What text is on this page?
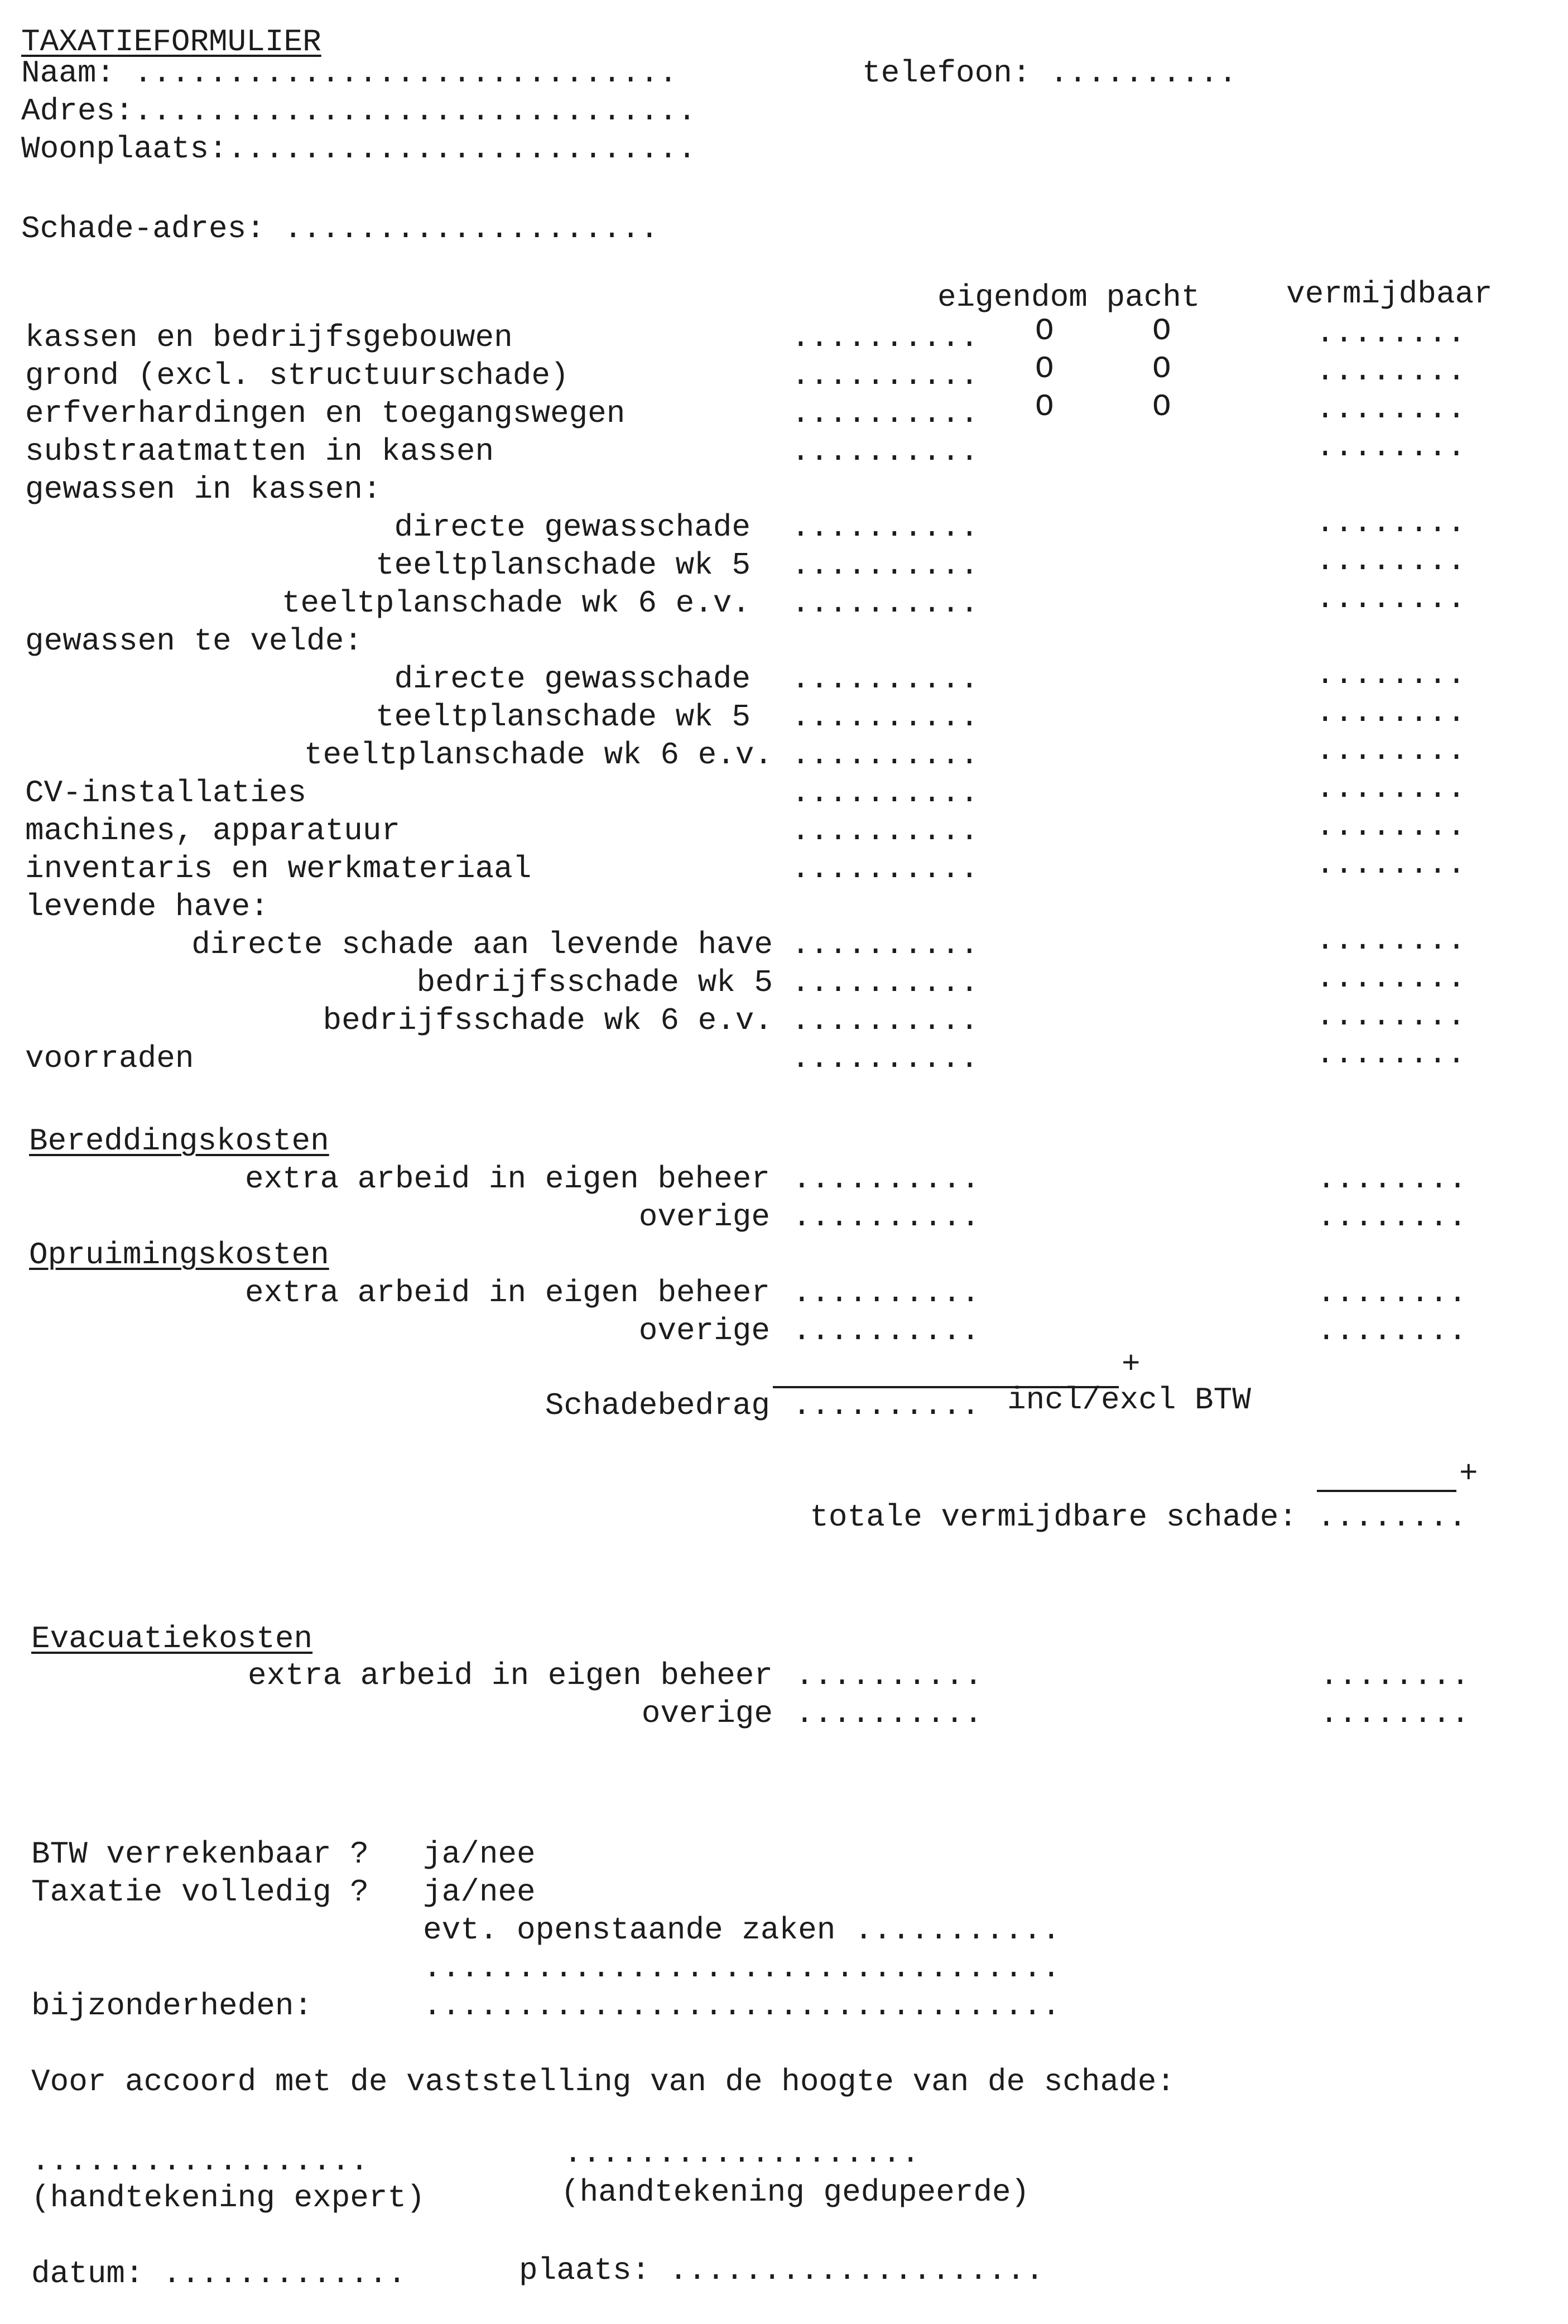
TAXATIEFORMULIER
Naam: .............................	telefoon: ..........
Adres:..............................
Woonplaats:.........................
Schade-adres: ....................
eigendom pacht	vermijdbaar
kassen en bedrijfsgebouwen	.......... O	O	........
grond (excl. structuurschade)	.......... O	O	........
erfverhardingen en toegangswegen	.......... O	O	........
substraatmatten in kassen	..........	........
gewassen in kassen:
directe gewasschade ..........	........
teeltplanschade wk 5 ..........	........
teeltplanschade wk 6 e.v. ..........	........
gewassen te velde:
directe gewasschade ..........	........
teeltplanschade wk 5 ..........	........
teeltplanschade wk 6 e.v. ..........	........
CV-installaties	..........	........
machines, apparatuur	..........	........
inventaris en werkmateriaal	..........	........
levende have:
directe schade aan levende have ..........	........
bedrijfsschade wk 5 ..........	........
bedrijfsschade wk 6 e.v. ..........	........
voorraden	..........	........
Bereddingskosten
extra arbeid in eigen beheer ..........	........
overige ..........	........
Opruimingskosten
extra arbeid in eigen beheer ..........	........
overige ..........	........
+
Schadebedrag .......... incl/excl BTW
+
totale vermijdbare schade: ........
Evacuatiekosten
extra arbeid in eigen beheer ..........	........
overige ..........	........
BTW verrekenbaar ? ja/nee
Taxatie volledig ? ja/nee
evt. openstaande zaken ...........
..................................
bijzonderheden:	..................................
Voor accoord met de vaststelling van de hoogte van de schade:
..................	...................
(handtekening expert)	(handtekening gedupeerde)
datum: .............	plaats: ....................
